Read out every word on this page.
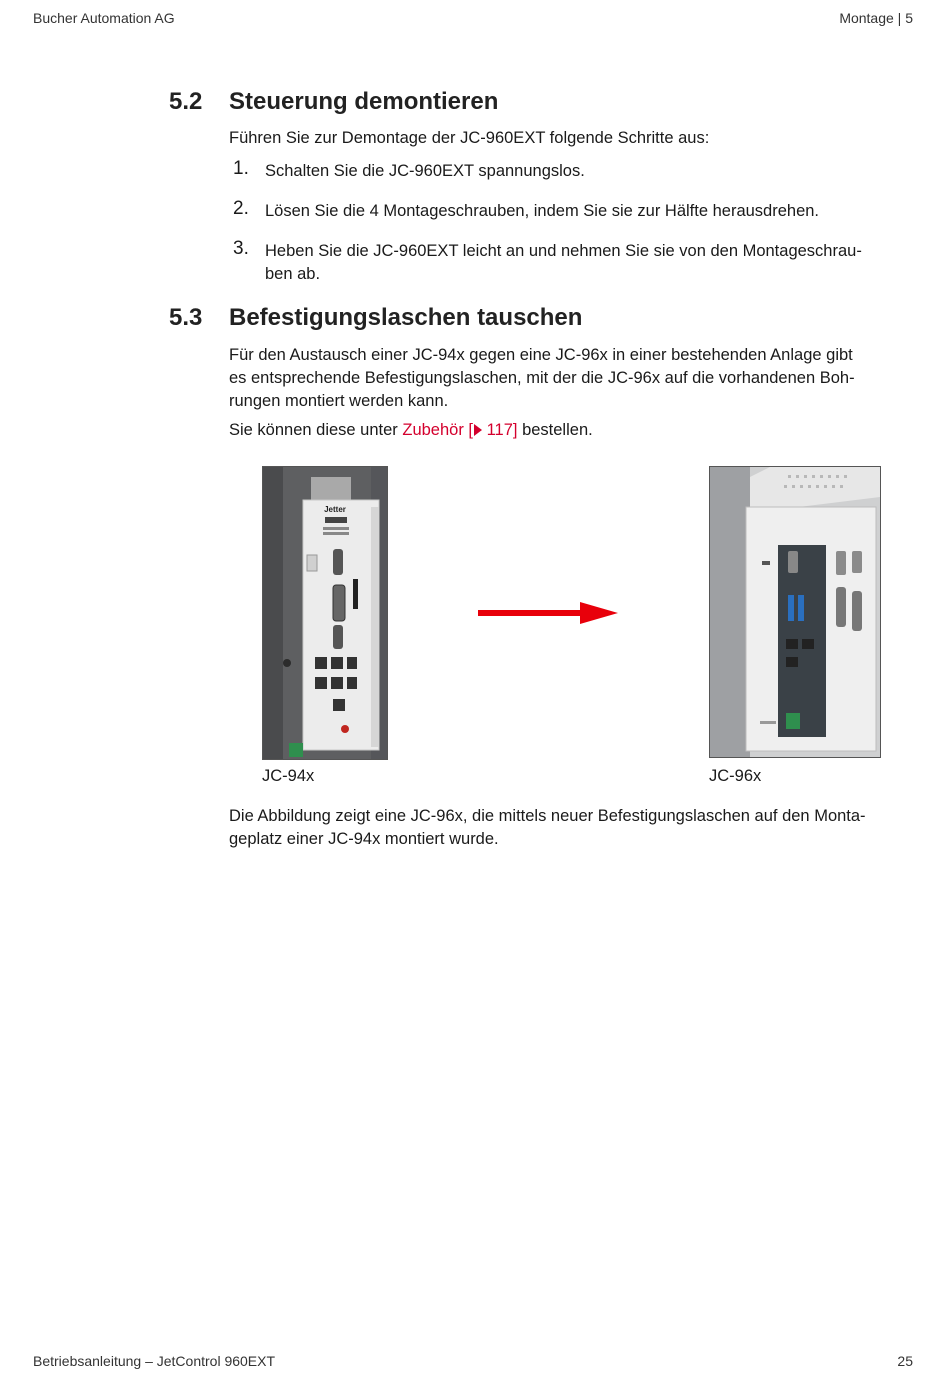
Bucher Automation AG	Montage | 5
5.2 Steuerung demontieren
Führen Sie zur Demontage der JC-960EXT folgende Schritte aus:
1. Schalten Sie die JC-960EXT spannungslos.
2. Lösen Sie die 4 Montageschrauben, indem Sie sie zur Hälfte herausdrehen.
3. Heben Sie die JC-960EXT leicht an und nehmen Sie sie von den Montageschrau-
ben ab.
5.3 Befestigungslaschen tauschen
Für den Austausch einer JC-94x gegen eine JC-96x in einer bestehenden Anlage gibt
es entsprechende Befestigungslaschen, mit der die JC-96x auf die vorhandenen Boh-
rungen montiert werden kann.
Sie können diese unter Zubehör [ 117] bestellen.
Jetter
JC-94x	JC-96x
Die Abbildung zeigt eine JC-96x, die mittels neuer Befestigungslaschen auf den Monta-
geplatz einer JC-94x montiert wurde.
Betriebsanleitung – JetControl 960EXT	25
